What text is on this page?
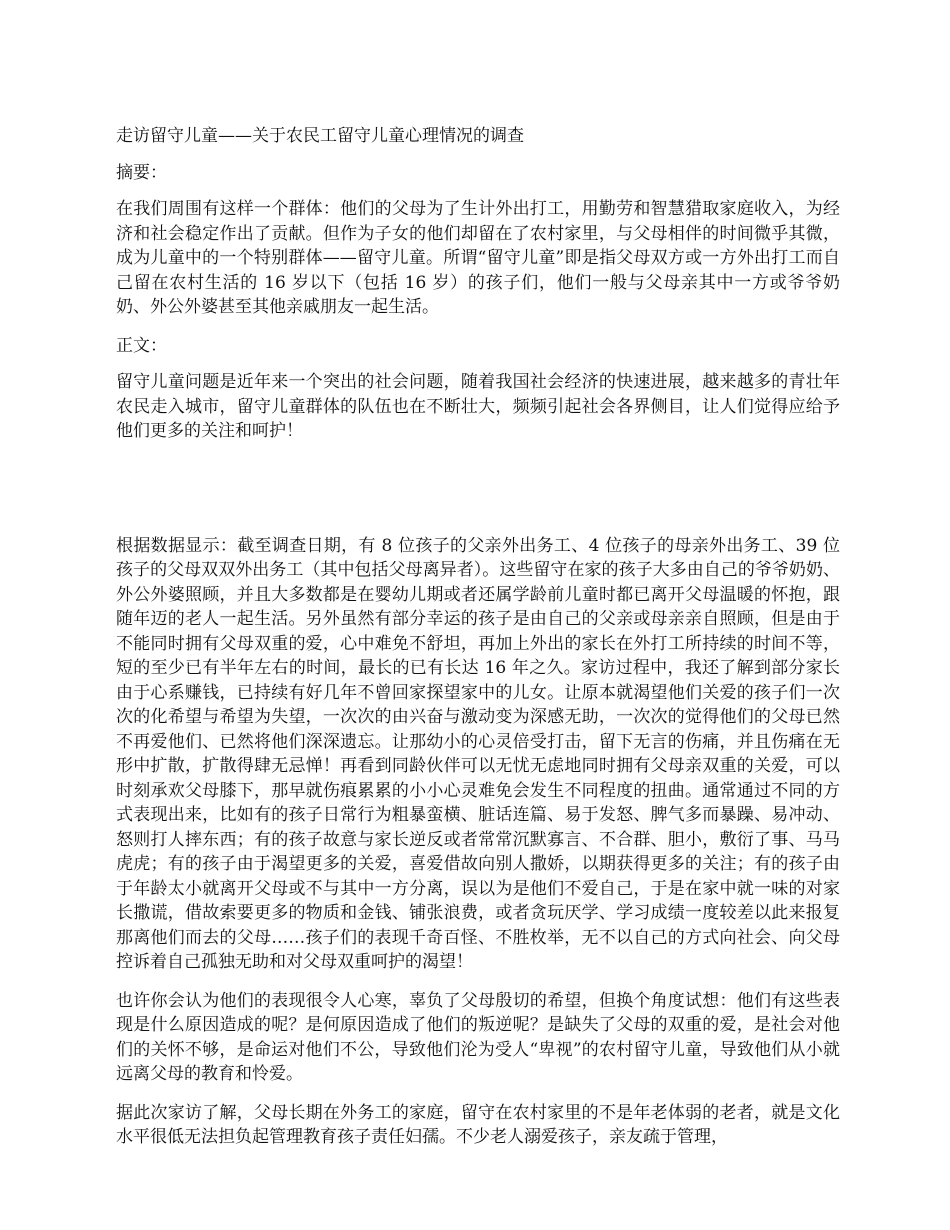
走访留守儿童——关于农民工留守儿童心理情况的调查

摘要：

在我们周围有这样一个群体：他们的父母为了生计外出打工，用勤劳和智慧猎取家庭收入，为经济和社会稳定作出了贡献。但作为子女的他们却留在了农村家里，与父母相伴的时间微乎其微，成为儿童中的一个特别群体——留守儿童。所谓“留守儿童”即是指父母双方或一方外出打工而自己留在农村生活的 16 岁以下（包括 16 岁）的孩子们，他们一般与父母亲其中一方或爷爷奶奶、外公外婆甚至其他亲戚朋友一起生活。

正文：

留守儿童问题是近年来一个突出的社会问题，随着我国社会经济的快速进展，越来越多的青壮年农民走入城市，留守儿童群体的队伍也在不断壮大，频频引起社会各界侧目，让人们觉得应给予他们更多的关注和呵护！

根据数据显示：截至调查日期，有 8 位孩子的父亲外出务工、4 位孩子的母亲外出务工、39 位孩子的父母双双外出务工（其中包括父母离异者）。这些留守在家的孩子大多由自己的爷爷奶奶、外公外婆照顾，并且大多数都是在婴幼儿期或者还属学龄前儿童时都已离开父母温暖的怀抱，跟随年迈的老人一起生活。另外虽然有部分幸运的孩子是由自己的父亲或母亲亲自照顾，但是由于不能同时拥有父母双重的爱，心中难免不舒坦，再加上外出的家长在外打工所持续的时间不等，短的至少已有半年左右的时间，最长的已有长达 16 年之久。家访过程中，我还了解到部分家长由于心系赚钱，已持续有好几年不曾回家探望家中的儿女。让原本就渴望他们关爱的孩子们一次次的化希望与希望为失望，一次次的由兴奋与激动变为深感无助，一次次的觉得他们的父母已然不再爱他们、已然将他们深深遗忘。让那幼小的心灵倍受打击，留下无言的伤痛，并且伤痛在无形中扩散，扩散得肆无忌惮！再看到同龄伙伴可以无忧无虑地同时拥有父母亲双重的关爱，可以时刻承欢父母膝下，那早就伤痕累累的小小心灵难免会发生不同程度的扭曲。通常通过不同的方式表现出来，比如有的孩子日常行为粗暴蛮横、脏话连篇、易于发怒、脾气多而暴躁、易冲动、怒则打人摔东西；有的孩子故意与家长逆反或者常常沉默寡言、不合群、胆小，敷衍了事、马马虎虎；有的孩子由于渴望更多的关爱，喜爱借故向别人撒娇，以期获得更多的关注；有的孩子由于年龄太小就离开父母或不与其中一方分离，误以为是他们不爱自己，于是在家中就一味的对家长撒谎，借故索要更多的物质和金钱、铺张浪费，或者贪玩厌学、学习成绩一度较差以此来报复那离他们而去的父母……孩子们的表现千奇百怪、不胜枚举，无不以自己的方式向社会、向父母控诉着自己孤独无助和对父母双重呵护的渴望！

也许你会认为他们的表现很令人心寒，辜负了父母殷切的希望，但换个角度试想：他们有这些表现是什么原因造成的呢？是何原因造成了他们的叛逆呢？是缺失了父母的双重的爱，是社会对他们的关怀不够，是命运对他们不公，导致他们沦为受人“卑视”的农村留守儿童，导致他们从小就远离父母的教育和怜爱。

据此次家访了解，父母长期在外务工的家庭，留守在农村家里的不是年老体弱的老者，就是文化水平很低无法担负起管理教育孩子责任妇孺。不少老人溺爱孩子，亲友疏于管理，
